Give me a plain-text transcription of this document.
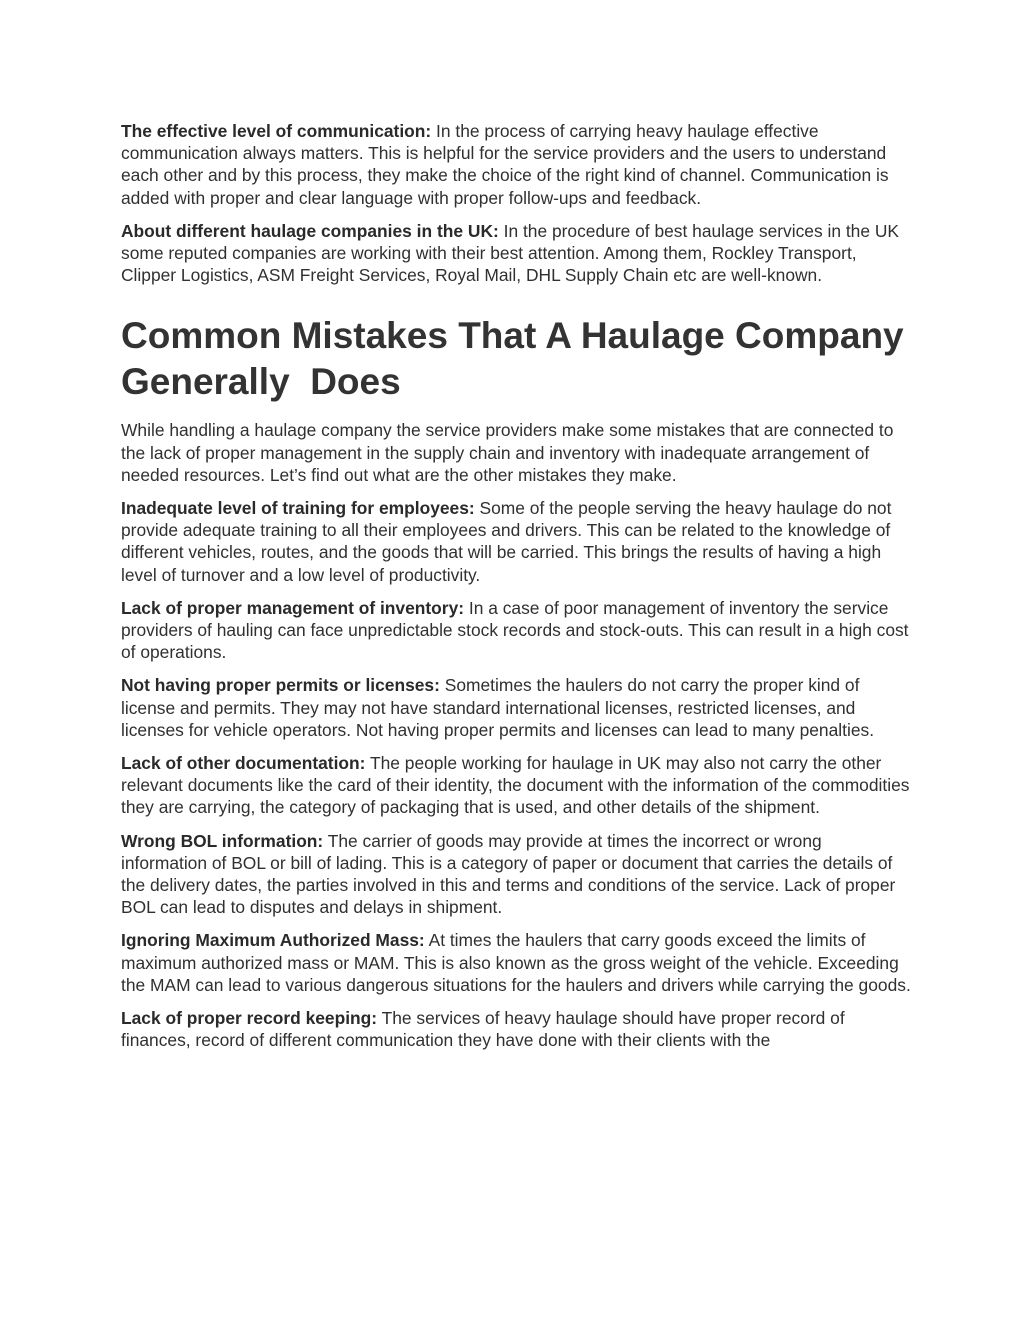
The effective level of communication: In the process of carrying heavy haulage effective communication always matters. This is helpful for the service providers and the users to understand each other and by this process, they make the choice of the right kind of channel. Communication is added with proper and clear language with proper follow-ups and feedback.

About different haulage companies in the UK: In the procedure of best haulage services in the UK some reputed companies are working with their best attention. Among them, Rockley Transport, Clipper Logistics, ASM Freight Services, Royal Mail, DHL Supply Chain etc are well-known.

Common Mistakes That A Haulage Company Generally  Does

While handling a haulage company the service providers make some mistakes that are connected to the lack of proper management in the supply chain and inventory with inadequate arrangement of needed resources. Let’s find out what are the other mistakes they make.

Inadequate level of training for employees: Some of the people serving the heavy haulage do not provide adequate training to all their employees and drivers. This can be related to the knowledge of different vehicles, routes, and the goods that will be carried. This brings the results of having a high level of turnover and a low level of productivity.

Lack of proper management of inventory: In a case of poor management of inventory the service providers of hauling can face unpredictable stock records and stock-outs. This can result in a high cost of operations.

Not having proper permits or licenses: Sometimes the haulers do not carry the proper kind of license and permits. They may not have standard international licenses, restricted licenses, and licenses for vehicle operators. Not having proper permits and licenses can lead to many penalties.

Lack of other documentation: The people working for haulage in UK may also not carry the other relevant documents like the card of their identity, the document with the information of the commodities they are carrying, the category of packaging that is used, and other details of the shipment.

Wrong BOL information: The carrier of goods may provide at times the incorrect or wrong information of BOL or bill of lading. This is a category of paper or document that carries the details of the delivery dates, the parties involved in this and terms and conditions of the service. Lack of proper BOL can lead to disputes and delays in shipment.

Ignoring Maximum Authorized Mass: At times the haulers that carry goods exceed the limits of maximum authorized mass or MAM. This is also known as the gross weight of the vehicle. Exceeding the MAM can lead to various dangerous situations for the haulers and drivers while carrying the goods.

Lack of proper record keeping: The services of heavy haulage should have proper record of finances, record of different communication they have done with their clients with the
